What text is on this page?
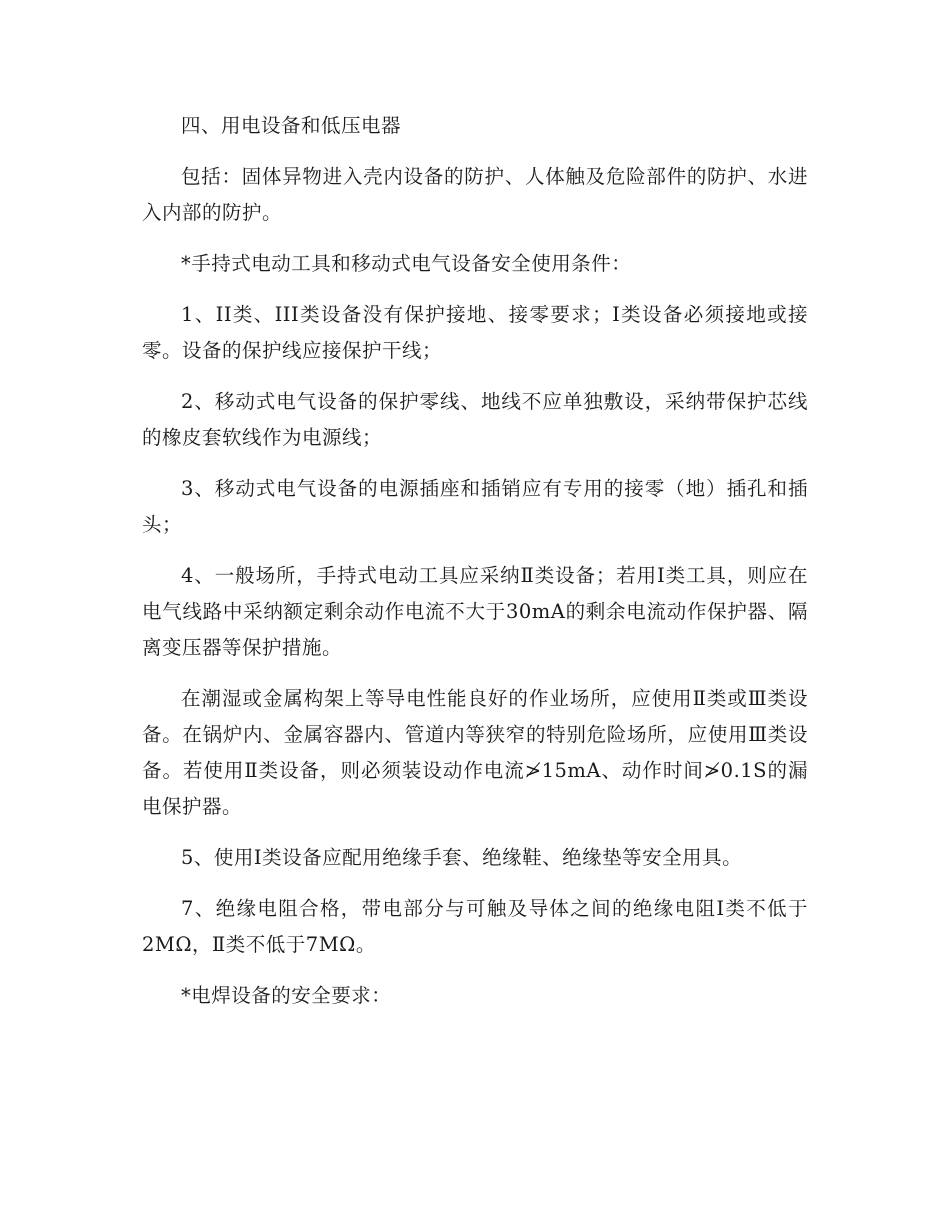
四、用电设备和低压电器

包括：固体异物进入壳内设备的防护、人体触及危险部件的防护、水进入内部的防护。

*手持式电动工具和移动式电气设备安全使用条件：

1、II类、III类设备没有保护接地、接零要求；I类设备必须接地或接零。设备的保护线应接保护干线；

2、移动式电气设备的保护零线、地线不应单独敷设，采纳带保护芯线的橡皮套软线作为电源线；

3、移动式电气设备的电源插座和插销应有专用的接零（地）插孔和插头；

4、一般场所，手持式电动工具应采纳Ⅱ类设备；若用I类工具，则应在电气线路中采纳额定剩余动作电流不大于30mA的剩余电流动作保护器、隔离变压器等保护措施。

在潮湿或金属构架上等导电性能良好的作业场所，应使用Ⅱ类或Ⅲ类设备。在锅炉内、金属容器内、管道内等狭窄的特别危险场所，应使用Ⅲ类设备。若使用Ⅱ类设备，则必须装设动作电流≯15mA、动作时间≯0.1S的漏电保护器。

5、使用I类设备应配用绝缘手套、绝缘鞋、绝缘垫等安全用具。

7、绝缘电阻合格，带电部分与可触及导体之间的绝缘电阻I类不低于2MΩ，Ⅱ类不低于7MΩ。

*电焊设备的安全要求：
